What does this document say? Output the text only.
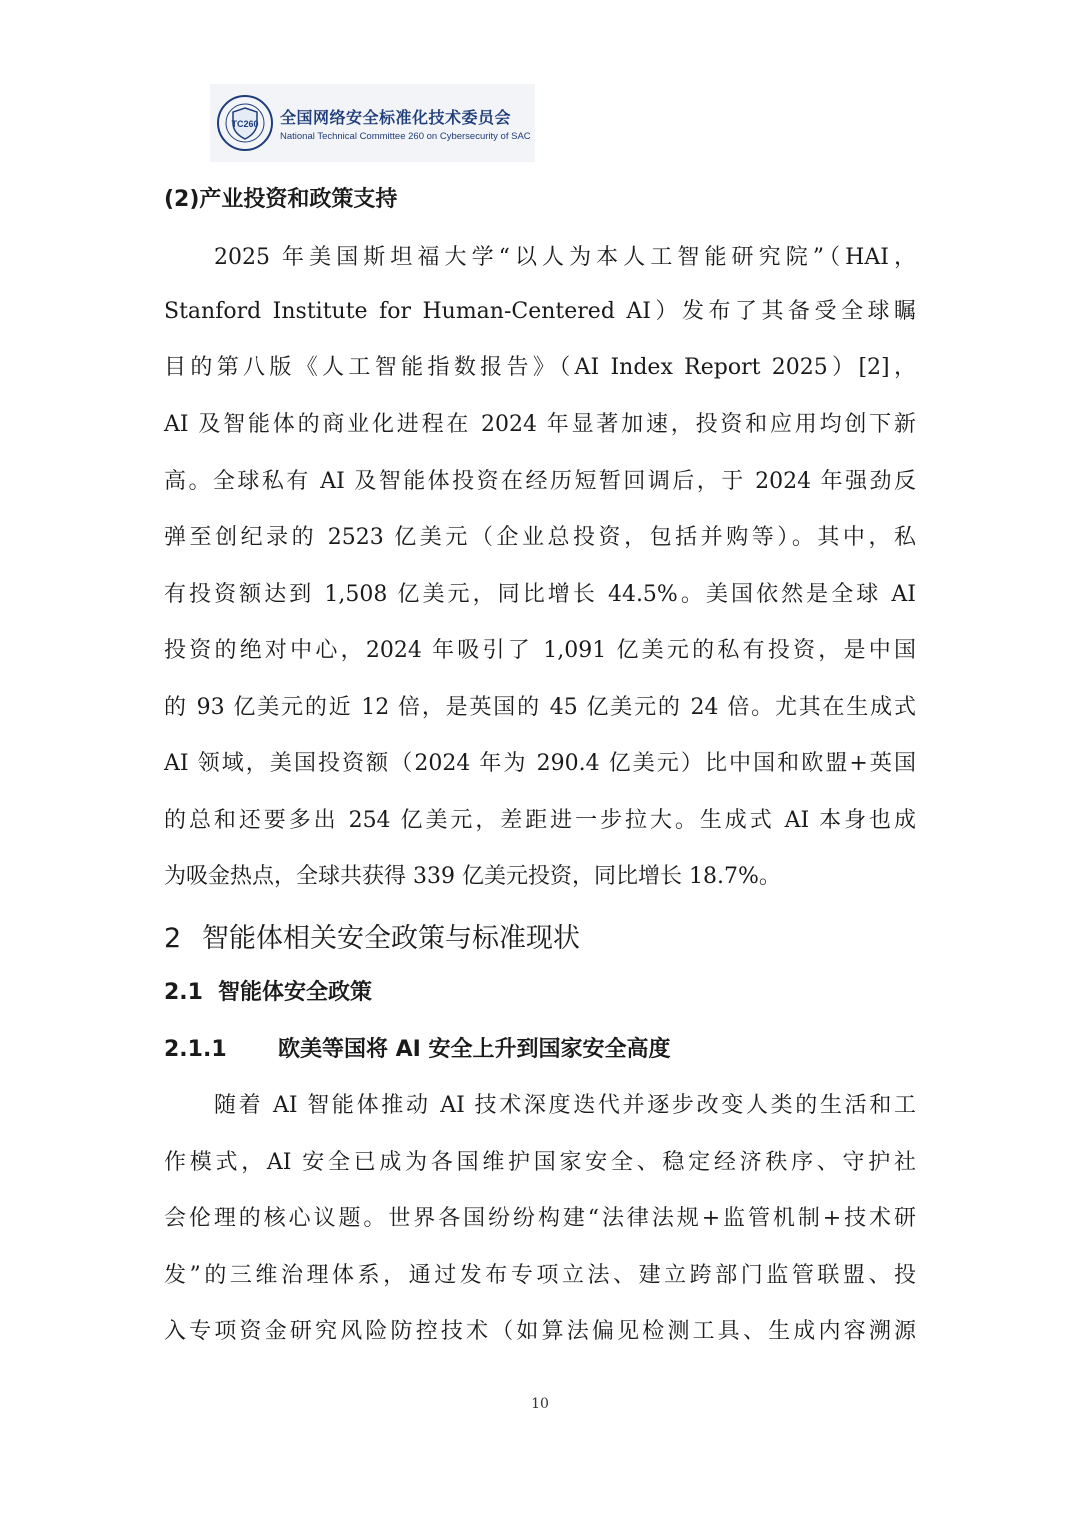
TC260 全国网络安全标准化技术委员会
National Technical Committee 260 on Cybersecurity of SAC
(2)产业投资和政策支持
2025 年美国斯坦福大学“以人为本人工智能研究院”（HAI，
Stanford Institute for Human-Centered AI）发布了其备受全球瞩
目的第八版《人工智能指数报告》（AI Index Report 2025）[2]，
AI 及智能体的商业化进程在 2024 年显著加速，投资和应用均创下新
高。全球私有 AI 及智能体投资在经历短暂回调后，于 2024 年强劲反
弹至创纪录的 2523 亿美元（企业总投资，包括并购等）。其中，私
有投资额达到 1,508 亿美元，同比增长 44.5%。美国依然是全球 AI
投资的绝对中心，2024 年吸引了 1,091 亿美元的私有投资，是中国
的 93 亿美元的近 12 倍，是英国的 45 亿美元的 24 倍。尤其在生成式
AI 领域，美国投资额（2024 年为 290.4 亿美元）比中国和欧盟+英国
的总和还要多出 254 亿美元，差距进一步拉大。生成式 AI 本身也成
为吸金热点，全球共获得 339 亿美元投资，同比增长 18.7%。
2 智能体相关安全政策与标准现状
2.1 智能体安全政策
2.1.1 欧美等国将 AI 安全上升到国家安全高度
随着 AI 智能体推动 AI 技术深度迭代并逐步改变人类的生活和工
作模式，AI 安全已成为各国维护国家安全、稳定经济秩序、守护社
会伦理的核心议题。世界各国纷纷构建“法律法规+监管机制+技术研
发”的三维治理体系，通过发布专项立法、建立跨部门监管联盟、投
入专项资金研究风险防控技术（如算法偏见检测工具、生成内容溯源
10
